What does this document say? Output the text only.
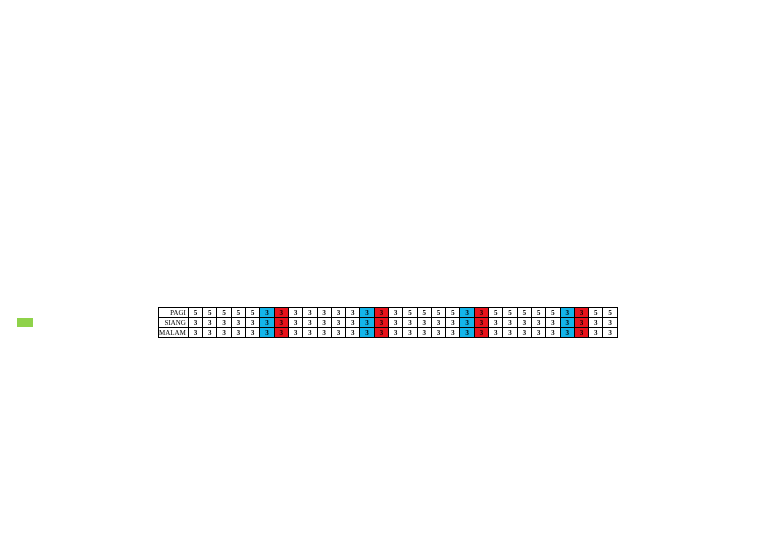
PAGI	5	5	5	5	5	3	3	3	3	3	3	3	3	3	3	5	5	5	5	3	3	5	5	5	5	5	3	3	5	5
SIANG	3	3	3	3	3	3	3	3	3	3	3	3	3	3	3	3	3	3	3	3	3	3	3	3	3	3	3	3	3	3
MALAM	3	3	3	3	3	3	3	3	3	3	3	3	3	3	3	3	3	3	3	3	3	3	3	3	3	3	3	3	3	3
